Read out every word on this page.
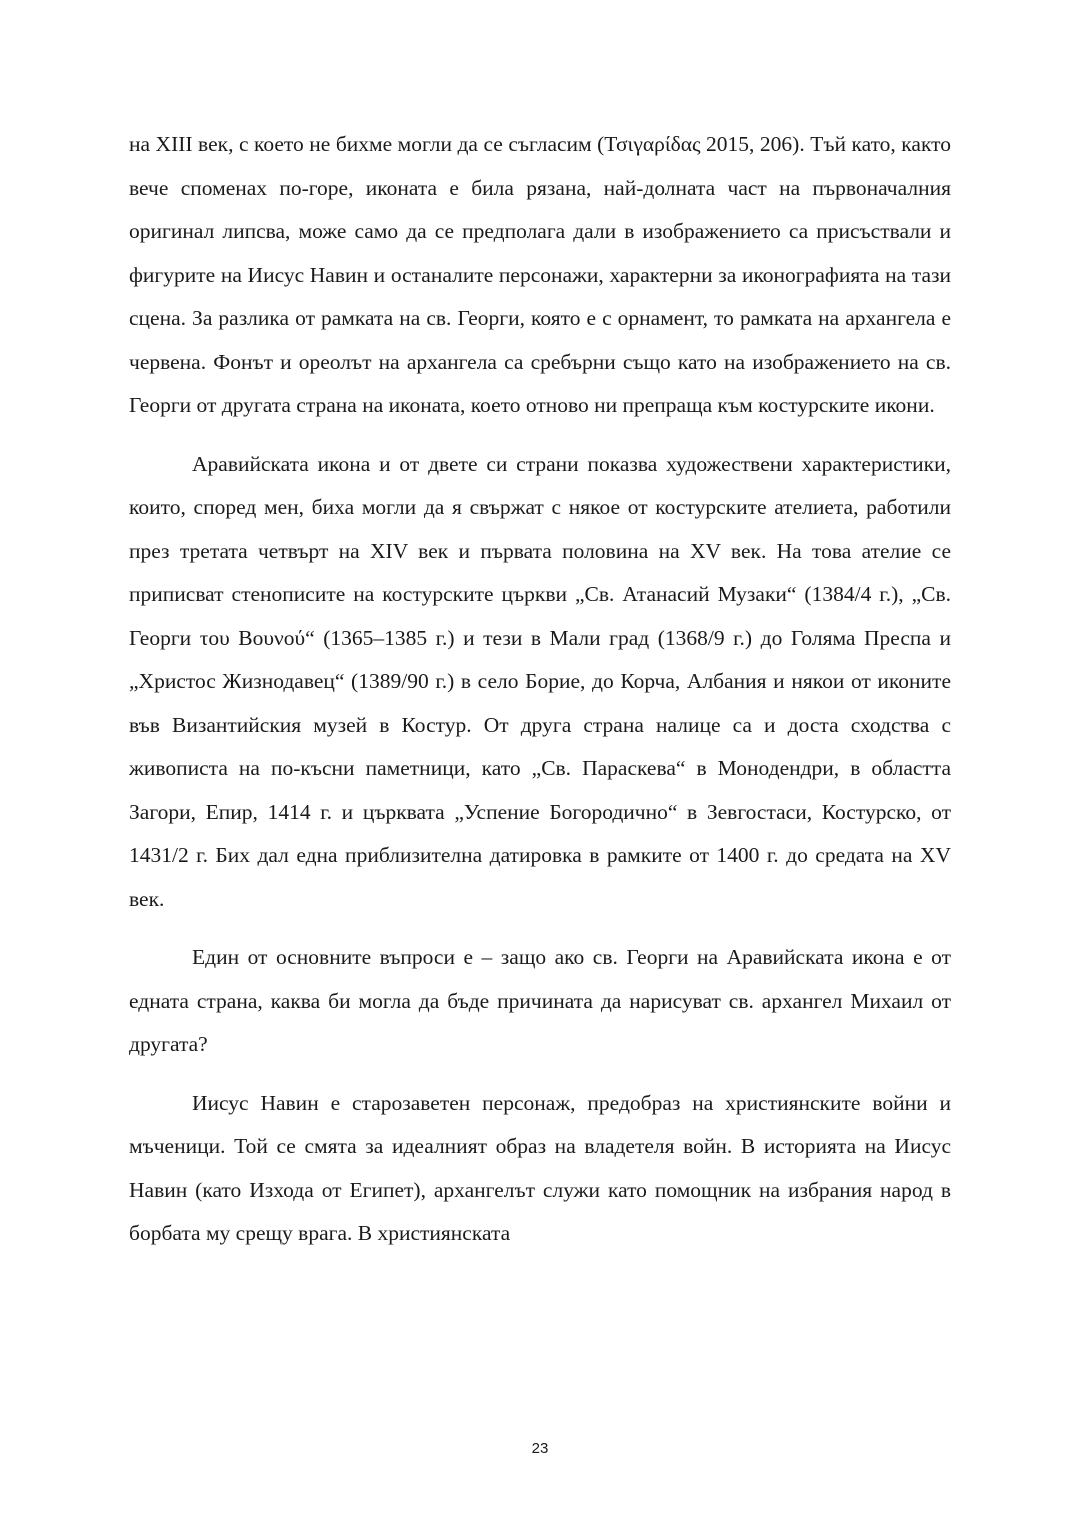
на XIII век, с което не бихме могли да се съгласим (Τσιγαρίδας 2015, 206). Тъй като, както вече споменах по-горе, иконата е била рязана, най-долната част на първоначалния оригинал липсва, може само да се предполага дали в изображението са присъствали и фигурите на Иисус Навин и останалите персонажи, характерни за иконографията на тази сцена. За разлика от рамката на св. Георги, която е с орнамент, то рамката на архангела е червена. Фонът и ореолът на архангела са сребърни също като на изображението на св. Георги от другата страна на иконата, което отново ни препраща към костурските икони.

Аравийската икона и от двете си страни показва художествени характеристики, които, според мен, биха могли да я свържат с някое от костурските ателиета, работили през третата четвърт на XIV век и първата половина на XV век. На това ателие се приписват стенописите на костурските църкви „Св. Атанасий Музаки“ (1384/4 г.), „Св. Георги του Βουνού“ (1365–1385 г.) и тези в Мали град (1368/9 г.) до Голяма Преспа и „Христос Жизнодавец“ (1389/90 г.) в село Борие, до Корча, Албания и някои от иконите във Византийския музей в Костур. От друга страна налице са и доста сходства с живописта на по-късни паметници, като „Св. Параскева“ в Монодендри, в областта Загори, Епир, 1414 г. и църквата „Успение Богородично“ в Зевгостаси, Костурско, от 1431/2 г. Бих дал една приблизителна датировка в рамките от 1400 г. до средата на XV век.

Един от основните въпроси е – защо ако св. Георги на Аравийската икона е от едната страна, каква би могла да бъде причината да нарисуват св. архангел Михаил от другата?

Иисус Навин е старозаветен персонаж, предобраз на християнските войни и мъченици. Той се смята за идеалният образ на владетеля войн. В историята на Иисус Навин (като Изхода от Египет), архангелът служи като помощник на избрания народ в борбата му срещу врага. В християнската

23
